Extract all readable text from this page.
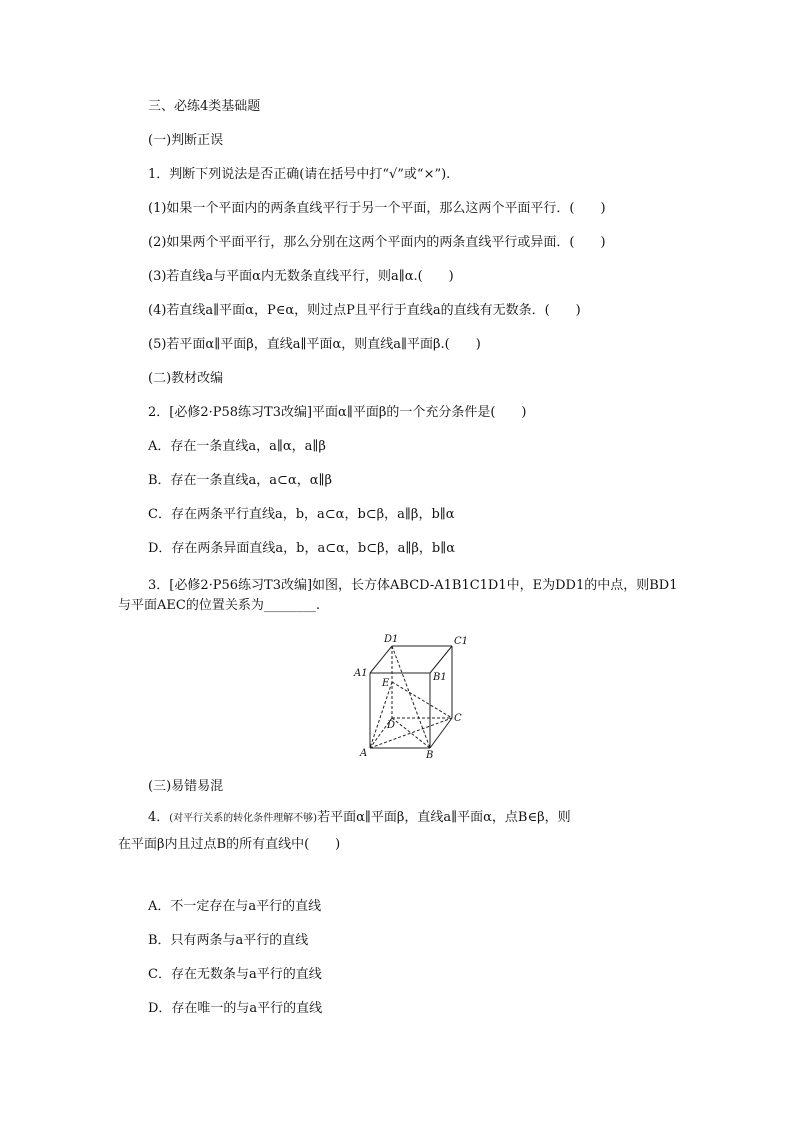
三、必练4类基础题
(一)判断正误
1．判断下列说法是否正确(请在括号中打“√”或“×”).
(1)如果一个平面内的两条直线平行于另一个平面，那么这两个平面平行．(　　)
(2)如果两个平面平行，那么分别在这两个平面内的两条直线平行或异面．(　　)
(3)若直线a与平面α内无数条直线平行，则a∥α.(　　)
(4)若直线a∥平面α，P∈α，则过点P且平行于直线a的直线有无数条．(　　)
(5)若平面α∥平面β，直线a∥平面α，则直线a∥平面β.(　　)
(二)教材改编
2．[必修2·P58练习T3改编]平面α∥平面β的一个充分条件是(　　)
A．存在一条直线a，a∥α，a∥β
B．存在一条直线a，a⊂α，α∥β
C．存在两条平行直线a，b，a⊂α，b⊂β，a∥β，b∥α
D．存在两条异面直线a，b，a⊂α，b⊂β，a∥β，b∥α
3．[必修2·P56练习T3改编]如图，长方体ABCD-A1B1C1D1中，E为DD1的中点，则BD1
与平面AEC的位置关系为________.
D1	C1
A1	B1
E
D
C
A	B
(三)易错易混
4．(对平行关系的转化条件理解不够)若平面α∥平面β，直线a∥平面α，点B∈β，则
在平面β内且过点B的所有直线中(　　)
A．不一定存在与a平行的直线
B．只有两条与a平行的直线
C．存在无数条与a平行的直线
D．存在唯一的与a平行的直线
